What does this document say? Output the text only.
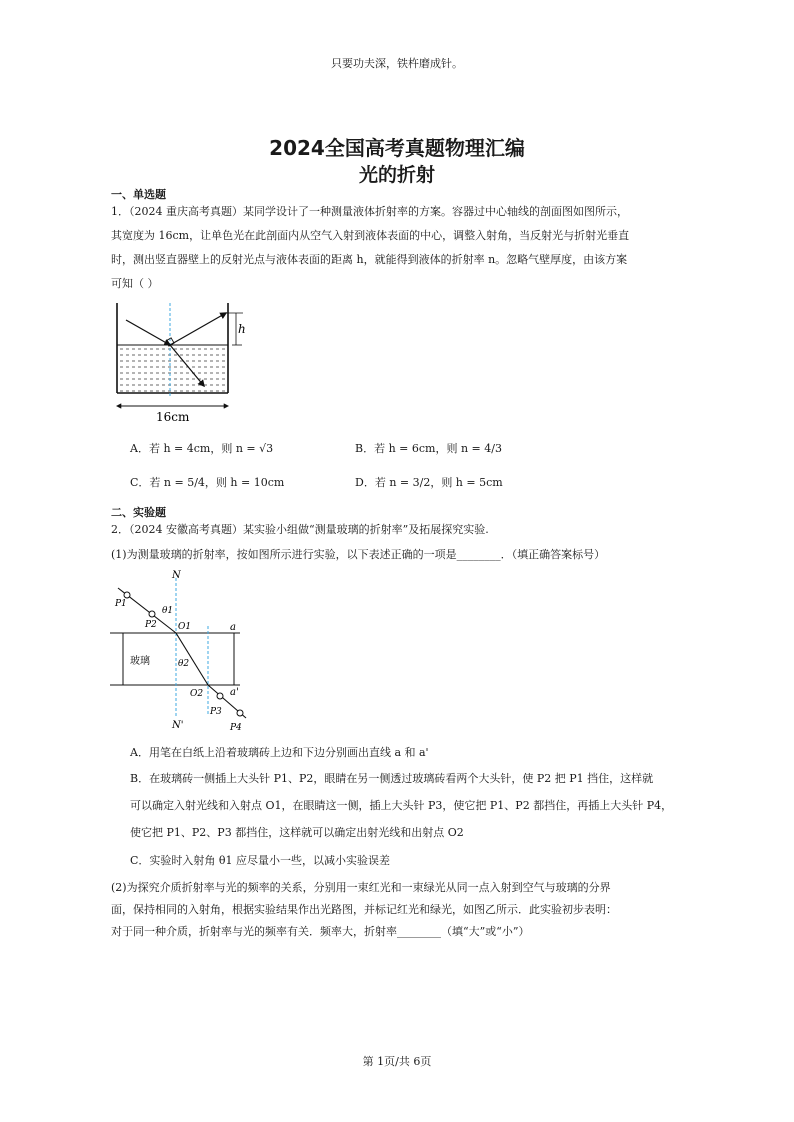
只要功夫深，铁杵磨成针。
2024全国高考真题物理汇编
光的折射
一、单选题
1．（2024 重庆高考真题）某同学设计了一种测量液体折射率的方案。容器过中心轴线的剖面图如图所示，
其宽度为 16cm，让单色光在此剖面内从空气入射到液体表面的中心，调整入射角，当反射光与折射光垂直
时，测出竖直器壁上的反射光点与液体表面的距离 h，就能得到液体的折射率 n。忽略气壁厚度，由该方案
可知（ ）
h
16cm
A．若 h = 4cm，则 n = √3	B．若 h = 6cm，则 n = 4/3
C．若 n = 5/4，则 h = 10cm	D．若 n = 3/2，则 h = 5cm
二、实验题
2．（2024 安徽高考真题）某实验小组做“测量玻璃的折射率”及拓展探究实验.
(1)为测量玻璃的折射率，按如图所示进行实验，以下表述正确的一项是________．（填正确答案标号）
N
N'
a
a'
玻璃
P1
P2
P3
P4
O1
O2
θ1
θ2
A．用笔在白纸上沿着玻璃砖上边和下边分别画出直线 a 和 a'
B．在玻璃砖一侧插上大头针 P1、P2，眼睛在另一侧透过玻璃砖看两个大头针，使 P2 把 P1 挡住，这样就
可以确定入射光线和入射点 O1，在眼睛这一侧，插上大头针 P3，使它把 P1、P2 都挡住，再插上大头针 P4，
使它把 P1、P2、P3 都挡住，这样就可以确定出射光线和出射点 O2
C．实验时入射角 θ1 应尽量小一些，以减小实验误差
(2)为探究介质折射率与光的频率的关系，分别用一束红光和一束绿光从同一点入射到空气与玻璃的分界
面，保持相同的入射角，根据实验结果作出光路图，并标记红光和绿光，如图乙所示．此实验初步表明：
对于同一种介质，折射率与光的频率有关．频率大，折射率________（填“大”或“小”）
第 1页/共 6页
